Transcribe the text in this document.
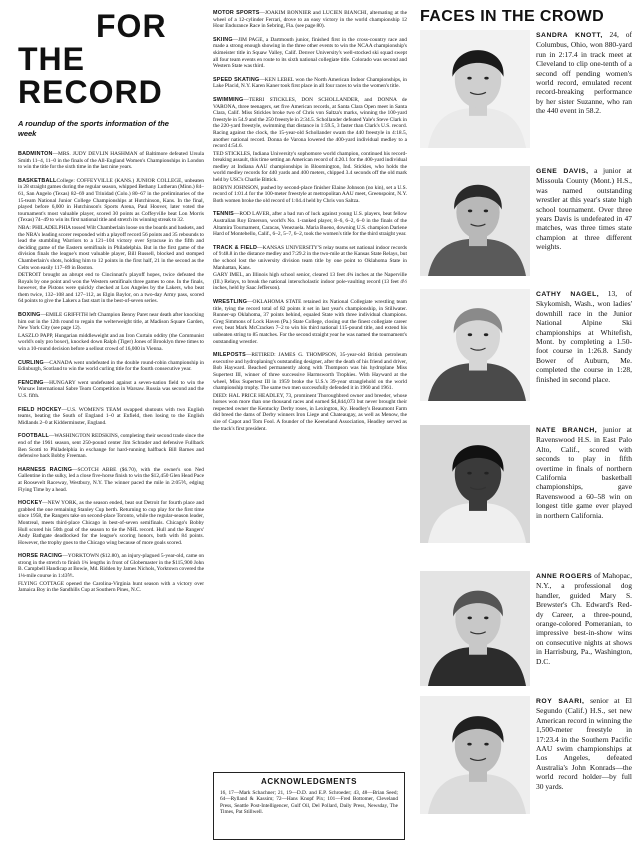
FOR
THE RECORD
A roundup of the sports information of the week

BADMINTON—MRS. JUDY DEVLIN HASHMAN of Baltimore defeated Ursula Smith 11–4, 11–0 in the finals of the All-England Women's Championships in London to win the title for the sixth time in the last nine years.

BASKETBALLCollege: COFFEYVILLE (KANS.) JUNIOR COLLEGE, unbeaten in 28 straight games during the regular season, whipped Bethany Lutheran (Minn.) 84–61, San Angelo (Texas) 82–69 and Trinidad (Colo.) 80–67 in the preliminaries of the 15-team National Junior College Championships at Hutchinson, Kans. In the final, played before 6,000 in Hutchinson's Sports Arena, Paul Hoover, later voted the tournament's most valuable player, scored 30 points as Coffeyville beat Lon Morris (Texas) 74–49 to win its first national title and stretch its winning streak to 32.

NBA: PHILADELPHIA tossed Wilt Chamberlain loose on the boards and baskets, and the NBA's leading scorer responded with a playoff record 56 points and 35 rebounds to lead the stumbling Warriors to a 121–104 victory over Syracuse in the fifth and deciding game of the Eastern semifinals in Philadelphia. But in the first game of the division finals the league's most valuable player, Bill Russell, blocked and stomped Chamberlain's shots, holding him to 12 points in the first half, 21 in the second as the Celts won easily 117–89 in Boston.

DETROIT brought an abrupt end to Cincinnati's playoff hopes, twice defeated the Royals by one point and won the Western semifinals three games to one. In the finals, however, the Pistons were quickly checked at Los Angeles by the Lakers, who beat them twice, 132–108 and 127–112, as Elgin Baylor, on a two-day Army pass, scored 64 points to give the Lakers a fast start in the best-of-seven series.

BOXING—EMILE GRIFFITH left Champion Benny Paret near death after knocking him out in the 12th round to regain the welterweight title, at Madison Square Garden, New York City (see page 12).

LASZLO PAPP, Hungarian middleweight and an Iron Curtain oddity (the Communist world's only pro boxer), knocked down Ralph (Tiger) Jones of Brooklyn three times to win a 10-round decision before a sellout crowd of 16,000 in Vienna.

CURLING—CANADA went undefeated in the double round-robin championship in Edinburgh, Scotland to win the world curling title for the fourth consecutive year.

FENCING—HUNGARY went undefeated against a seven-nation field to win the Warsaw International Sabre Team Competition in Warsaw. Russia was second and the U.S. fifth.

FIELD HOCKEY—U.S. WOMEN'S TEAM swapped shutouts with two English teams, beating the South of England 1–0 at Enfield, then losing to the English Midlands 2–0 at Kidderminster, England.

FOOTBALL—WASHINGTON REDSKINS, completing their second trade since the end of the 1961 season, sent 250-pound center Jim Schrader and defensive Fullback Ben Scotti to Philadelphia in exchange for hard-running halfback Bill Barnes and defensive back Bobby Freeman.

HARNESS RACING—SCOTCH ABBE ($6.70), with the owner's son Ned Gallentine in the sulky, led a close five-horse finish to win the $12,450 Glen Head Pace at Roosevelt Raceway, Westbury, N.Y. The winner paced the mile in 2:05⅕, edging Flying Time by a head.

HOCKEY—NEW YORK, as the season ended, beat out Detroit for fourth place and grabbed the one remaining Stanley Cup berth. Returning to cup play for the first time since 1958, the Rangers take on second-place Toronto, while the regular-season leader, Montreal, meets third-place Chicago in best-of-seven semifinals. Chicago's Bobby Hull scored his 50th goal of the season to tie the NHL record. Hull and the Rangers' Andy Bathgate deadlocked for the league's scoring honors, both with 84 points. However, the trophy goes to the Chicago wing because of more goals scored.

HORSE RACING—YORKTOWN ($12.80), an injury-plagued 5-year-old, came on strong in the stretch to finish 1¾ lengths in front of Globemaster in the $115,900 John B. Campbell Handicap at Bowie, Md. Ridden by James Nichols, Yorktown covered the 1⅛-mile course in 1:43⅗.

FLYING COTTAGE opened the Carolina-Virginia hunt season with a victory over Jamaica Boy in the Sandhills Cup at Southern Pines, N.C.

MOTOR SPORTS—JOAKIM BONNIER and LUCIEN BIANCHI, alternating at the wheel of a 12-cylinder Ferrari, drove to an easy victory in the world championship 12 Hour Endurance Race in Sebring, Fla. (see page 80).

SKIING—JIM PAGE, a Dartmouth junior, finished first in the cross-country race and made a strong enough showing in the three other events to win the NCAA championship's skimeister title in Squaw Valley, Calif. Denver University's well-stocked ski squad swept all four team events en route to its sixth national collegiate title. Colorado was second and Western State was third.

SPEED SKATING—KEN LEBEL won the North American Indoor Championships, in Lake Placid, N.Y. Karen Kaner took first place in all four races to win the women's title.

SWIMMING—TERRI STICKLES, DON SCHOLLANDER, and DONNA de VARONA, three teenagers, set five American records, at Santa Clara Open meet in Santa Clara, Calif. Miss Stickles broke two of Chris von Saltza's marks, winning the 100-yard freestyle in 54.9 and the 250 freestyle in 2:34.5. Schollander defeated Yale's Steve Clark in the 220-yard freestyle, swimming that distance in 1:59.5, 3 faster than Clark's U.S. record. Racing against the clock, the 15-year-old Schollander swam the 440 freestyle in 4:18.5, another national record. Donna de Varona lowered the 400-yard individual medley to a record 4:54.6.

TED STICKLES, Indiana University's sophomore world champion, continued his record-breaking assault, this time setting an American record of 4:20.1 for the 400-yard individual medley at Indiana AAU championships in Bloomington, Ind. Stickles, who holds the world medley records for 440 yards and 400 meters, chipped 3.4 seconds off the old mark held by USC's Charlie Bittick.

ROBYN JOHNSON, pushed by second-place finisher Elaine Johnson (no kin), set a U.S. record of 1:01.4 for the 100-meter freestyle at metropolitan AAU meet, Greenspoint, N.Y. Both women broke the old record of 1:04.4 held by Chris von Saltza.

TENNIS—ROD LAVER, after a bad run of luck against young U.S. players, beat fellow Australian Roy Emerson, world's No. 1-ranked player, 8–6, 6–2, 6–0 in the finals of the Altamira Tournament, Caracas, Venezuela. Maria Bueno, downing U.S. champion Darlene Hard of Montebello, Calif., 6–2, 5–7, 6–2, took the women's title for the third straight year.

TRACK & FIELD—KANSAS UNIVERSITY'S relay teams set national indoor records of 9:48.8 in the distance medley and 7:29.2 in the two-mile at the Kansas State Relays, but the school lost the university division team title by one point to Oklahoma State in Manhattan, Kans.

GARY IMEL, an Illinois high school senior, cleared 13 feet 4¾ inches at the Naperville (Ill.) Relays, to break the national interscholastic indoor pole-vaulting record (13 feet 4½ inches, held by Saac Jefferson).

WRESTLING—OKLAHOMA STATE retained its National Collegiate wrestling team title, tying the record total of 82 points it set in last year's championship, in Stillwater. Runner-up Oklahoma, 37 points behind, equaled State with three individual champions. Greg Simmons of Lock Haven (Pa.) State College, closing out the finest collegiate career ever, beat Mark McCracken 7–2 to win his third national 115-pound title, and extend his unbeaten string to 85 matches. For the second straight year he was named the tournament's outstanding wrestler.

MILEPOSTS—RETIRED: JAMES G. THOMPSON, 35-year-old British petroleum executive and hydroplaning's outstanding designer, after the death of his friend and driver, Bob Hayward. Beached permanently along with Thompson was his hydroplane Miss Supertest III, winner of three successive Harmsworth Trophies. With Hayward at the wheel, Miss Supertest III in 1959 broke the U.S.'s 39-year stranglehold on the world championship trophy. The same two men successfully defended it in 1960 and 1961.

DIED: HAL PRICE HEADLEY, 73, prominent Thoroughbred owner and breeder, whose horses won more than one thousand races and earned $4,844,073 but never brought their respected owner the Kentucky Derby roses, in Lexington, Ky. Headley's Beaumont Farm did breed the dams of Derby winners Iron Liege and Chateaugay, as well as Menow, the sire of Capot and Tom Fool. A founder of the Keeneland Association, Headley served as the track's first president.

ACKNOWLEDGMENTS
16, 17—Mark Schachner; 21, 19—D.D. and E.P. Schroeder; 43, 48—Brian Seed; 64—Rylland & Kassim; 72—Hans Knopf Pix; 101—Fred Bottomer, Cleveland Press, Seattle Post-Intelligencer, Gulf Oil, Del Pollard, Daily Press, Newsday, The Times, Pat Stillwell.
FACES IN THE CROWD
SANDRA KNOTT, 24, of Columbus, Ohio, won 880-yard run in 2:17.4 in track meet at Cleveland to clip one-tenth of a second off pending women's world record, emulated recent record-breaking performance by her sister Suzanne, who ran the 440 event in 58.2.
GENE DAVIS, a junior at Missoula County (Mont.) H.S., was named outstanding wrestler at this year's state high school tournament. Over three years Davis is undefeated in 47 matches, was three times state champion at three different weights.
CATHY NAGEL, 13, of Skykomish, Wash., won ladies' downhill race in the Junior National Alpine Ski championships at Whitefish, Mont. by completing a 1.50-foot course in 1:26.8. Sandy Bower of Auburn, Me. completed the course in 1:28, finished in second place.
NATE BRANCH, junior at Ravenswood H.S. in East Palo Alto, Calif., scored with seconds to play in fifth overtime in finals of northern California basketball championships, gave Ravenswood a 60–58 win on longest title game ever played in northern California.
ANNE ROGERS of Mahopac, N.Y., a professional dog handler, guided Mary S. Brewster's Ch. Edward's Red-dy Career, a three-pound, orange-colored Pomeranian, to impressive best-in-show wins on consecutive nights at shows in Harrisburg, Pa., Washington, D.C.
ROY SAARI, senior at El Segundo (Calif.) H.S., set new American record in winning the 1,500-meter freestyle in 17:23.4 in the Southern Pacific AAU swim championships at Los Angeles, defeated Australia's John Konrads—the world record holder—by full 30 yards.
